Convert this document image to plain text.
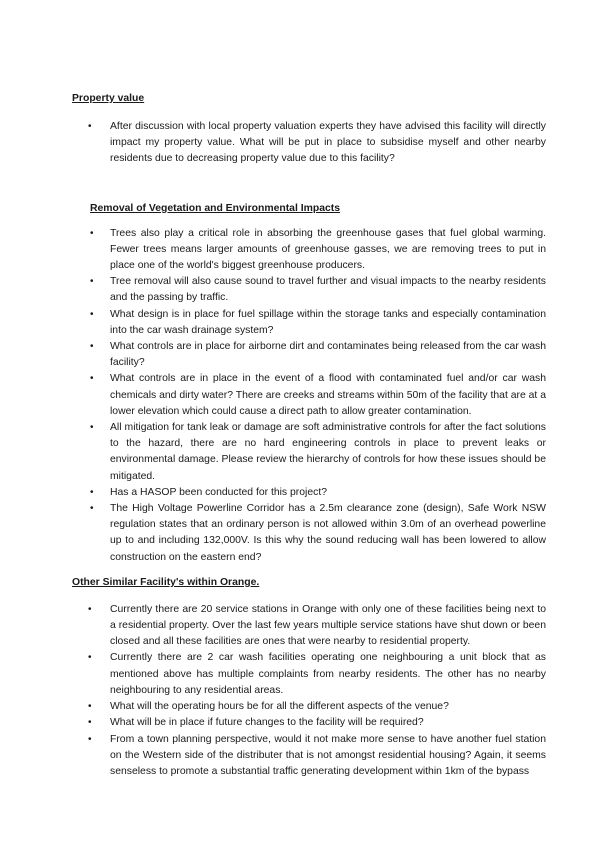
Property value

• After discussion with local property valuation experts they have advised this facility will directly impact my property value. What will be put in place to subsidise myself and other nearby residents due to decreasing property value due to this facility?

Removal of Vegetation and Environmental Impacts

• Trees also play a critical role in absorbing the greenhouse gases that fuel global warming. Fewer trees means larger amounts of greenhouse gasses, we are removing trees to put in place one of the world's biggest greenhouse producers.
• Tree removal will also cause sound to travel further and visual impacts to the nearby residents and the passing by traffic.
• What design is in place for fuel spillage within the storage tanks and especially contamination into the car wash drainage system?
• What controls are in place for airborne dirt and contaminates being released from the car wash facility?
• What controls are in place in the event of a flood with contaminated fuel and/or car wash chemicals and dirty water? There are creeks and streams within 50m of the facility that are at a lower elevation which could cause a direct path to allow greater contamination.
• All mitigation for tank leak or damage are soft administrative controls for after the fact solutions to the hazard, there are no hard engineering controls in place to prevent leaks or environmental damage. Please review the hierarchy of controls for how these issues should be mitigated.
• Has a HASOP been conducted for this project?
• The High Voltage Powerline Corridor has a 2.5m clearance zone (design), Safe Work NSW regulation states that an ordinary person is not allowed within 3.0m of an overhead powerline up to and including 132,000V. Is this why the sound reducing wall has been lowered to allow construction on the eastern end?

Other Similar Facility's within Orange.

• Currently there are 20 service stations in Orange with only one of these facilities being next to a residential property. Over the last few years multiple service stations have shut down or been closed and all these facilities are ones that were nearby to residential property.
• Currently there are 2 car wash facilities operating one neighbouring a unit block that as mentioned above has multiple complaints from nearby residents. The other has no nearby neighbouring to any residential areas.
• What will the operating hours be for all the different aspects of the venue?
• What will be in place if future changes to the facility will be required?
• From a town planning perspective, would it not make more sense to have another fuel station on the Western side of the distributer that is not amongst residential housing? Again, it seems senseless to promote a substantial traffic generating development within 1km of the bypass
